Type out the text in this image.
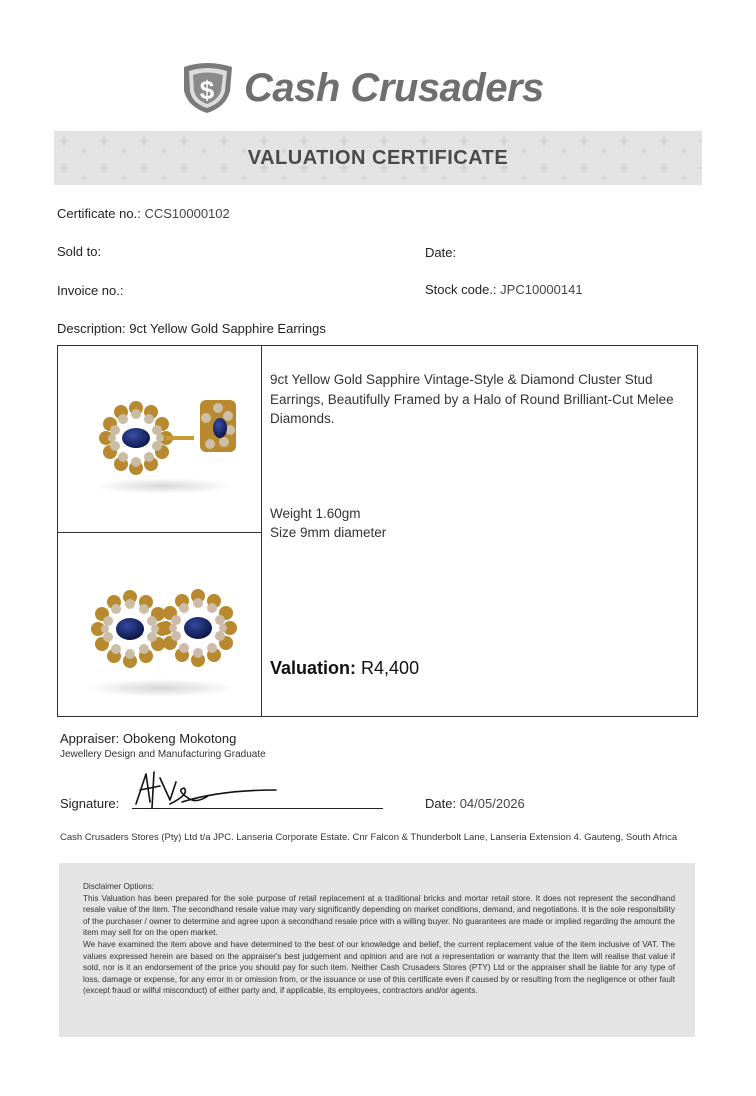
$ Cash Crusaders
VALUATION CERTIFICATE
Certificate no.: CCS10000102
Sold to:	Date:
Invoice no.:	Stock code.: JPC10000141
Description: 9ct Yellow Gold Sapphire Earrings
9ct Yellow Gold Sapphire Vintage-Style & Diamond Cluster Stud Earrings, Beautifully Framed by a Halo of Round Brilliant-Cut Melee Diamonds.
Weight 1.60gm
Size 9mm diameter
Valuation: R4,400
Appraiser: Obokeng Mokotong
Jewellery Design and Manufacturing Graduate
Signature:	Date: 04/05/2026
Cash Crusaders Stores (Pty) Ltd t/a JPC. Lanseria Corporate Estate. Cnr Falcon & Thunderbolt Lane, Lanseria Extension 4. Gauteng, South Africa

Disclaimer Options:

This Valuation has been prepared for the sole purpose of retail replacement at a traditional bricks and mortar retail store. It does not represent the secondhand resale value of the item. The secondhand resale value may vary significantly depending on market conditions, demand, and negotiations. It is the sole responsibility of the purchaser / owner to determine and agree upon a secondhand resale price with a willing buyer. No guarantees are made or implied regarding the amount the item may sell for on the open market.

We have examined the item above and have determined to the best of our knowledge and belief, the current replacement value of the item inclusive of VAT. The values expressed herein are based on the appraiser's best judgement and opinion and are not a representation or warranty that the item will realise that value if sold, nor is it an endorsement of the price you should pay for such item. Neither Cash Crusaders Stores (PTY) Ltd or the appraiser shall be liable for any type of loss, damage or expense, for any error in or omission from, or the issuance or use of this certificate even if caused by or resulting from the negligence or other fault (except fraud or wilful misconduct) of either party and, if applicable, its employees, contractors and/or agents.
